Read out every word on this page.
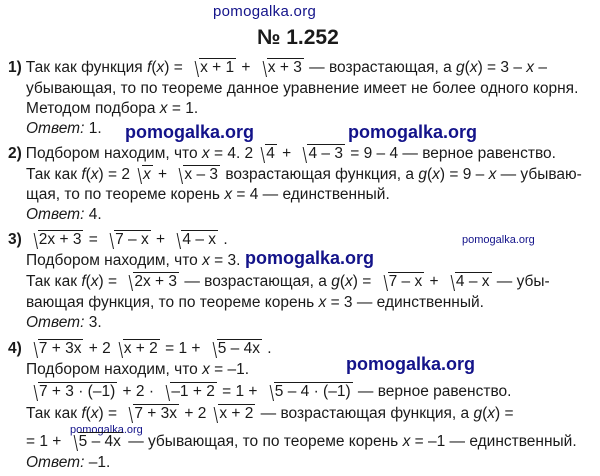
pomogalka.org
№ 1.252
1) Так как функция f(x) = x + 1 + x + 3 — возрастающая, а g(x) = 3 – x –
убывающая, то по теореме данное уравнение имеет не более одного корня.
Методом подбора x = 1.
Ответ: 1. pomogalka.org	pomogalka.org
2) Подбором находим, что x = 4. 2 4 + 4 – 3 = 9 – 4 — верное равенство.
Так как f(x) = 2 x + x – 3 возрастающая функция, а g(x) = 9 – x — убываю-
щая, то по теореме корень x = 4 — единственный.
Ответ: 4.
3) 2x + 3 = 7 – x + 4 – x .	pomogalka.org
Подбором находим, что x = 3. pomogalka.org
Так как f(x) = 2x + 3 — возрастающая, а g(x) = 7 – x + 4 – x — убы-
вающая функция, то по теореме корень x = 3 — единственный.
Ответ: 3.
4) 7 + 3x + 2 x + 2 = 1 + 5 – 4x .
pomogalka.org
Подбором находим, что x = –1.
7 + 3 · (–1) + 2 · –1 + 2 = 1 + 5 – 4 · (–1) — верное равенство.
Так как f(x) = 7 + 3x + 2 x + 2 — возрастающая функция, а g(x) =
pomogalka.org
= 1 + 5 – 4x — убывающая, то по теореме корень x = –1 — единственный.
Ответ: –1.
